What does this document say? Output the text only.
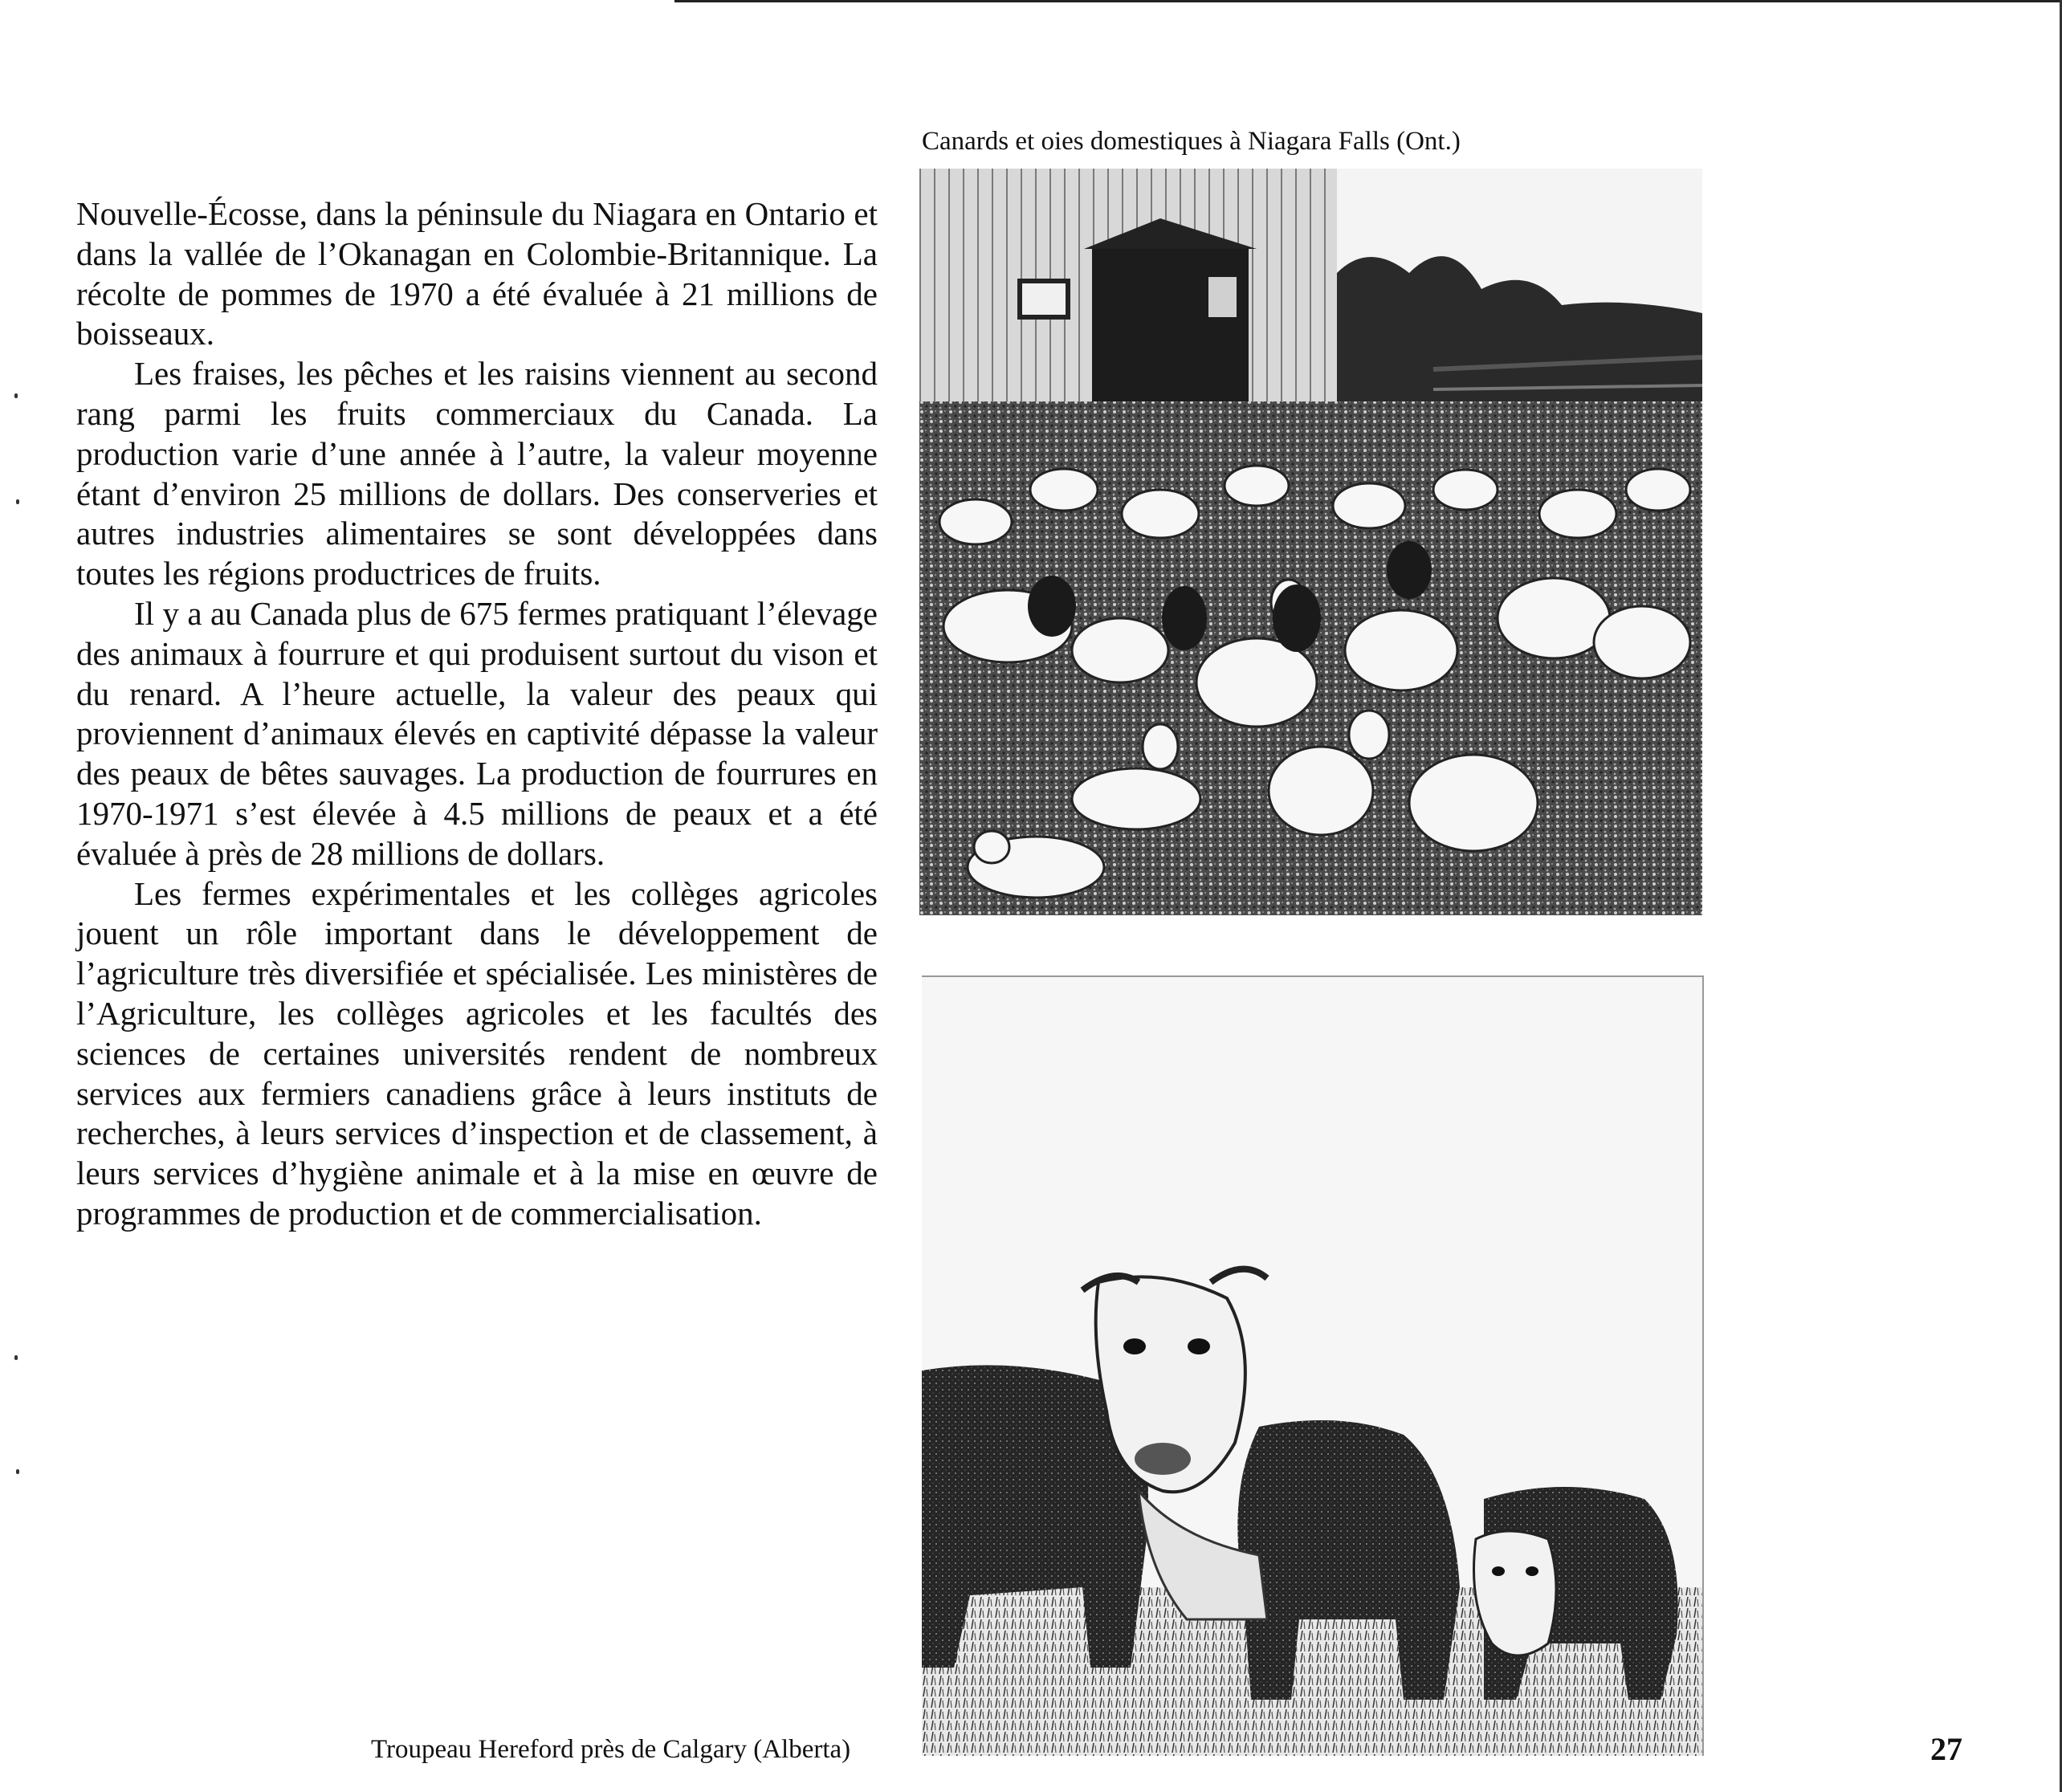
Nouvelle-Écosse, dans la péninsule du Niagara en Ontario et dans la vallée de l’Okanagan en Colombie-Britannique. La récolte de pommes de 1970 a été évaluée à 21 millions de boisseaux.

Les fraises, les pêches et les raisins viennent au second rang parmi les fruits commerciaux du Canada. La production varie d’une année à l’autre, la valeur moyenne étant d’environ 25 millions de dollars. Des conserveries et autres industries alimentaires se sont développées dans toutes les régions productrices de fruits.

Il y a au Canada plus de 675 fermes pratiquant l’élevage des animaux à fourrure et qui produisent surtout du vison et du renard. A l’heure actuelle, la valeur des peaux qui proviennent d’animaux élevés en captivité dépasse la valeur des peaux de bêtes sauvages. La production de fourrures en 1970-1971 s’est élevée à 4.5 millions de peaux et a été évaluée à près de 28 millions de dollars.

Les fermes expérimentales et les collèges agricoles jouent un rôle important dans le développement de l’agriculture très diversifiée et spécialisée. Les ministères de l’Agriculture, les collèges agricoles et les facultés des sciences de certaines universités rendent de nombreux services aux fermiers canadiens grâce à leurs instituts de recherches, à leurs services d’inspection et de classement, à leurs services d’hygiène animale et à la mise en œuvre de programmes de production et de commercialisation.

Canards et oies domestiques à Niagara Falls (Ont.)
Troupeau Hereford près de Calgary (Alberta)	27
